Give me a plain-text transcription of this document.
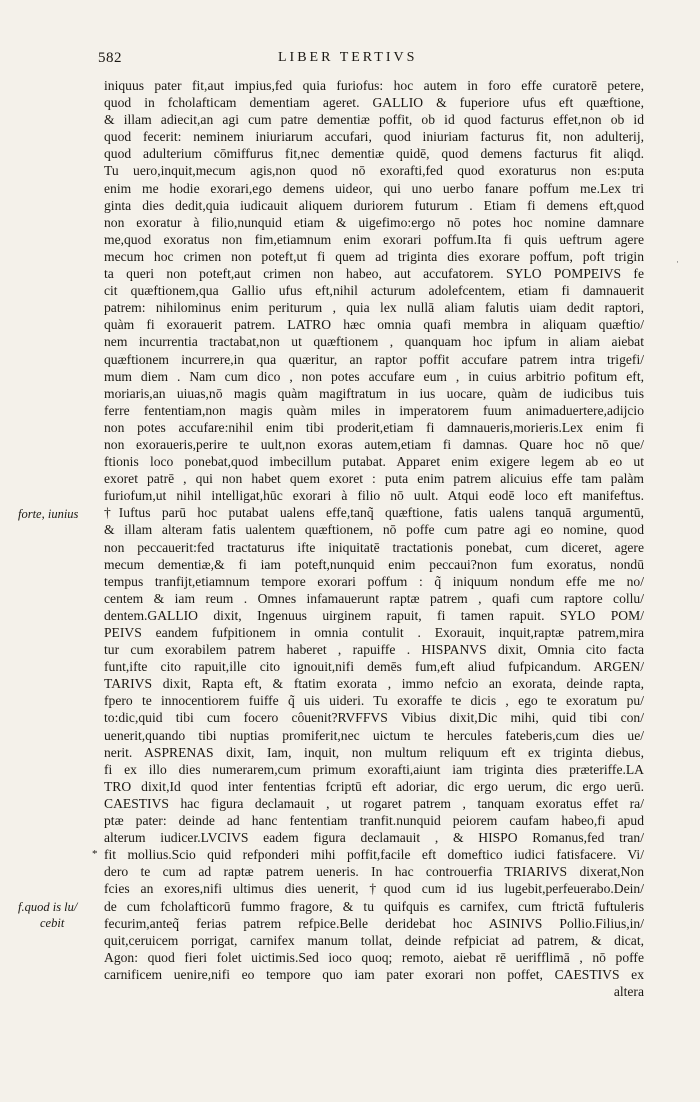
582	LIBER TERTIVS
forte, iunius
f.quod is lu/
cebit
·
*
iniquus pater fit,aut impius,fed quia furiofus: hoc autem in foro effe curatorē petere,
quod in fcholafticam dementiam ageret. GALLIO & fuperiore ufus eft quæftione,
& illam adiecit,an agi cum patre dementiæ poffit, ob id quod facturus effet,non ob id
quod fecerit: neminem iniuriarum accufari, quod iniuriam facturus fit, non adulterij,
quod adulterium cōmiffurus fit,nec dementiæ quidē, quod demens facturus fit aliqd.
Tu uero,inquit,mecum agis,non quod nō exorafti,fed quod exoraturus non es:puta
enim me hodie exorari,ego demens uideor, qui uno uerbo fanare poffum me.Lex tri
ginta dies dedit,quia iudicauit aliquem duriorem futurum . Etiam fi demens eft,quod
non exoratur à filio,nunquid etiam & uigefimo:ergo nō potes hoc nomine damnare
me,quod exoratus non fim,etiamnum enim exorari poffum.Ita fi quis ueftrum agere
mecum hoc crimen non poteft,ut fi quem ad triginta dies exorare poffum, poft trigin
ta queri non poteft,aut crimen non habeo, aut accufatorem. SYLO POMPEIVS fe
cit quæftionem,qua Gallio ufus eft,nihil acturum adolefcentem, etiam fi damnauerit
patrem: nihilominus enim periturum , quia lex nullā aliam falutis uiam dedit raptori,
quàm fi exorauerit patrem. LATRO hæc omnia quafi membra in aliquam quæftio/
nem incurrentia tractabat,non ut quæftionem , quanquam hoc ipfum in aliam aiebat
quæftionem incurrere,in qua quæritur, an raptor poffit accufare patrem intra trigefi/
mum diem . Nam cum dico , non potes accufare eum , in cuius arbitrio pofitum eft,
moriaris,an uiuas,nō magis quàm magiftratum in ius uocare, quàm de iudicibus tuis
ferre fententiam,non magis quàm miles in imperatorem fuum animaduertere,adijcio
non potes accufare:nihil enim tibi proderit,etiam fi damnaueris,morieris.Lex enim fi
non exoraueris,perire te uult,non exoras autem,etiam fi damnas. Quare hoc nō que/
ftionis loco ponebat,quod imbecillum putabat. Apparet enim exigere legem ab eo ut
exoret patrē , qui non habet quem exoret : puta enim patrem alicuius effe tam palàm
furiofum,ut nihil intelligat,hūc exorari à filio nō uult. Atqui eodē loco eft manifeftus.
†Iuftus parū hoc putabat ualens effe,tanq̃ quæftione, fatis ualens tanquā argumentū,
& illam alteram fatis ualentem quæftionem, nō poffe cum patre agi eo nomine, quod
non peccauerit:fed tractaturus ifte iniquitatē tractationis ponebat, cum diceret, agere
mecum dementiæ,& fi iam poteft,nunquid enim peccaui?non fum exoratus, nondū
tempus tranfijt,etiamnum tempore exorari poffum : q̃ iniquum nondum effe me no/
centem & iam reum . Omnes infamauerunt raptæ patrem , quafi cum raptore collu/
dentem.GALLIO dixit, Ingenuus uirginem rapuit, fi tamen rapuit. SYLO POM/
PEIVS eandem fufpitionem in omnia contulit . Exorauit, inquit,raptæ patrem,mira
tur cum exorabilem patrem haberet , rapuiffe . HISPANVS dixit, Omnia cito facta
funt,ifte cito rapuit,ille cito ignouit,nifi demēs fum,eft aliud fufpicandum. ARGEN/
TARIVS dixit, Rapta eft, & ftatim exorata , immo nefcio an exorata, deinde rapta,
fpero te innocentiorem fuiffe q̃ uis uideri. Tu exoraffe te dicis , ego te exoratum pu/
to:dic,quid tibi cum focero côuenit?RVFFVS Vibius dixit,Dic mihi, quid tibi con/
uenerit,quando tibi nuptias promiferit,nec uictum te hercules fateberis,cum dies ue/
nerit. ASPRENAS dixit, Iam, inquit, non multum reliquum eft ex triginta diebus,
fi ex illo dies numerarem,cum primum exorafti,aiunt iam triginta dies præteriffe.LA
TRO dixit,Id quod inter fententias fcriptū eft adoriar, dic ergo uerum, dic ergo uerū.
CAESTIVS hac figura declamauit , ut rogaret patrem , tanquam exoratus effet ra/
ptæ pater: deinde ad hanc fententiam tranfit.nunquid peiorem caufam habeo,fi apud
alterum iudicer.LVCIVS eadem figura declamauit , & HISPO Romanus,fed tran/
fit mollius.Scio quid refponderi mihi poffit,facile eft domeftico iudici fatisfacere. Vi/
dero te cum ad raptæ patrem ueneris. In hac controuerfia TRIARIVS dixerat,Non
fcies an exores,nifi ultimus dies uenerit, †quod cum id ius lugebit,perfeuerabo.Dein/
de cum fcholafticorū fummo fragore, & tu quifquis es carnifex, cum ftrictā fuftuleris
fecurim,anteq̃ ferias patrem refpice.Belle deridebat hoc ASINIVS Pollio.Filius,in/
quit,ceruicem porrigat, carnifex manum tollat, deinde refpiciat ad patrem, & dicat,
Agon: quod fieri folet uictimis.Sed ioco quoq; remoto, aiebat rē uerifflimā , nō poffe
carnificem uenire,nifi eo tempore quo iam pater exorari non poffet, CAESTIVS ex
altera
